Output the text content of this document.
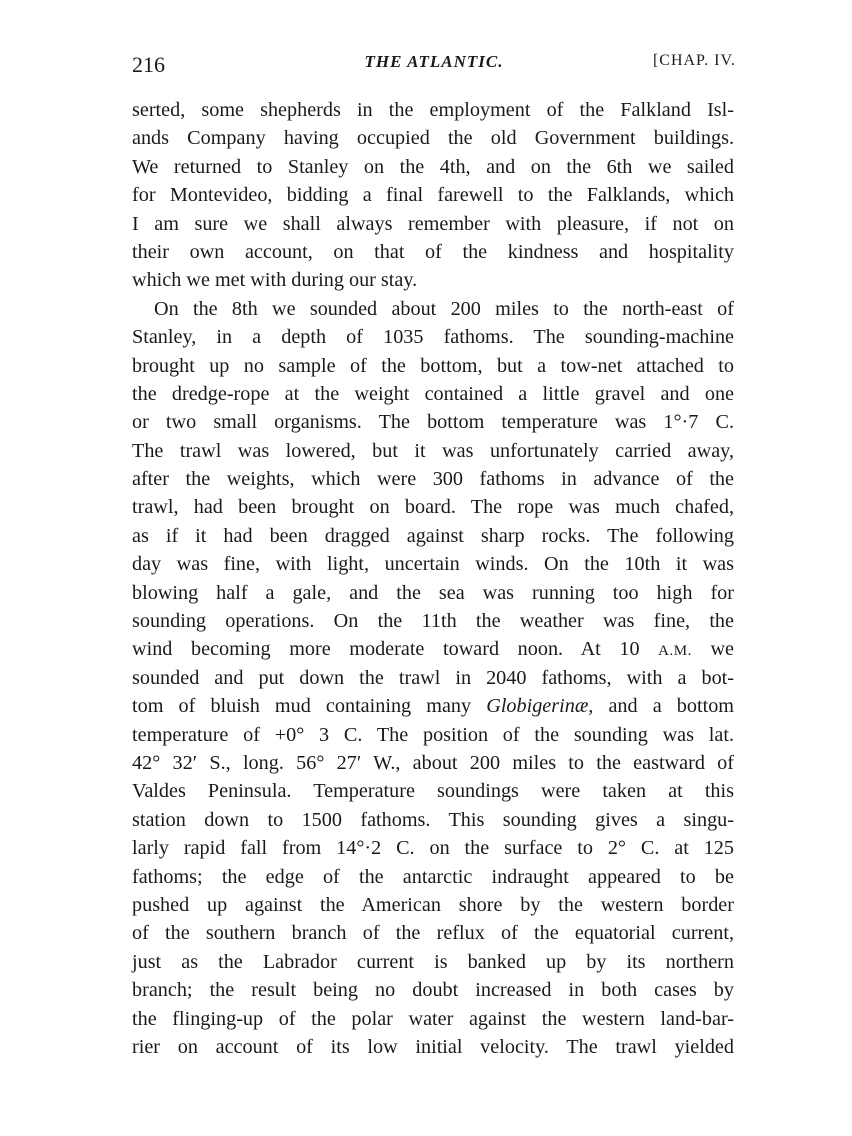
216	THE ATLANTIC.	[CHAP. IV.
serted, some shepherds in the employment of the Falkland Isl-
ands Company having occupied the old Government buildings.
We returned to Stanley on the 4th, and on the 6th we sailed
for Montevideo, bidding a final farewell to the Falklands, which
I am sure we shall always remember with pleasure, if not on
their own account, on that of the kindness and hospitality
which we met with during our stay.
On the 8th we sounded about 200 miles to the north-east of
Stanley, in a depth of 1035 fathoms. The sounding-machine
brought up no sample of the bottom, but a tow-net attached to
the dredge-rope at the weight contained a little gravel and one
or two small organisms. The bottom temperature was 1°·7 C.
The trawl was lowered, but it was unfortunately carried away,
after the weights, which were 300 fathoms in advance of the
trawl, had been brought on board. The rope was much chafed,
as if it had been dragged against sharp rocks. The following
day was fine, with light, uncertain winds. On the 10th it was
blowing half a gale, and the sea was running too high for
sounding operations. On the 11th the weather was fine, the
wind becoming more moderate toward noon. At 10 A.M. we
sounded and put down the trawl in 2040 fathoms, with a bot-
tom of bluish mud containing many Globigerinæ, and a bottom
temperature of +0° 3 C. The position of the sounding was lat.
42° 32′ S., long. 56° 27′ W., about 200 miles to the eastward of
Valdes Peninsula. Temperature soundings were taken at this
station down to 1500 fathoms. This sounding gives a singu-
larly rapid fall from 14°·2 C. on the surface to 2° C. at 125
fathoms; the edge of the antarctic indraught appeared to be
pushed up against the American shore by the western border
of the southern branch of the reflux of the equatorial current,
just as the Labrador current is banked up by its northern
branch; the result being no doubt increased in both cases by
the flinging-up of the polar water against the western land-bar-
rier on account of its low initial velocity. The trawl yielded
